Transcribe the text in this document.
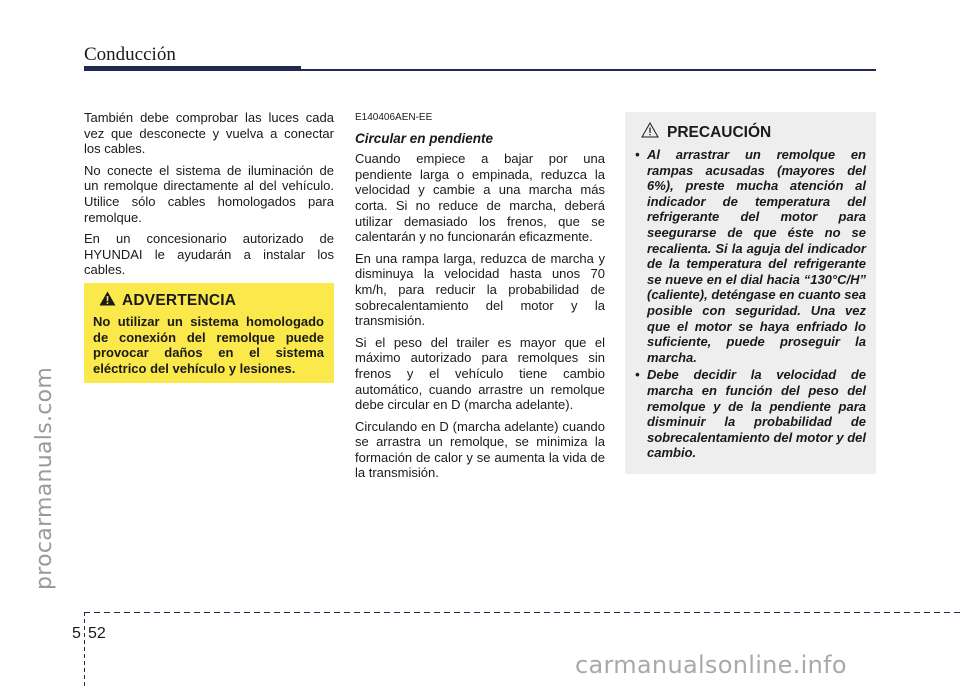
Conducción
procarmanuals.com

También debe comprobar las luces cada vez que desconecte y vuelva a conectar los cables.

No conecte el sistema de iluminación de un remolque directamente al del vehículo. Utilice sólo cables homologados para remolque.

En un concesionario autorizado de HYUNDAI le ayudarán a instalar los cables.

ADVERTENCIA
No utilizar un sistema homologado de conexión del remolque puede provocar daños en el sistema eléctrico del vehículo y lesiones.
E140406AEN-EE
Circular en pendiente

Cuando empiece a bajar por una pendiente larga o empinada, reduzca la velocidad y cambie a una marcha más corta. Si no reduce de marcha, deberá utilizar demasiado los frenos, que se calentarán y no funcionarán eficazmente.

En una rampa larga, reduzca de marcha y disminuya la velocidad hasta unos 70 km/h, para reducir la probabilidad de sobrecalentamiento del motor y la transmisión.

Si el peso del trailer es mayor que el máximo autorizado para remolques sin frenos y el vehículo tiene cambio automático, cuando arrastre un remolque debe circular en D (marcha adelante).

Circulando en D (marcha adelante) cuando se arrastra un remolque, se minimiza la formación de calor y se aumenta la vida de la transmisión.

PRECAUCIÓN
• Al arrastrar un remolque en rampas acusadas (mayores del 6%), preste mucha atención al indicador de temperatura del refrigerante del motor para seegurarse de que éste no se recalienta. Si la aguja del indicador de la temperatura del refrigerante se nueve en el dial hacia “130°C/H” (caliente), deténgase en cuanto sea posible con seguridad. Una vez que el motor se haya enfriado lo suficiente, puede proseguir la marcha.
• Debe decidir la velocidad de marcha en función del peso del remolque y de la pendiente para disminuir la probabilidad de sobrecalentamiento del motor y del cambio.
5 52
carmanualsonline.info
